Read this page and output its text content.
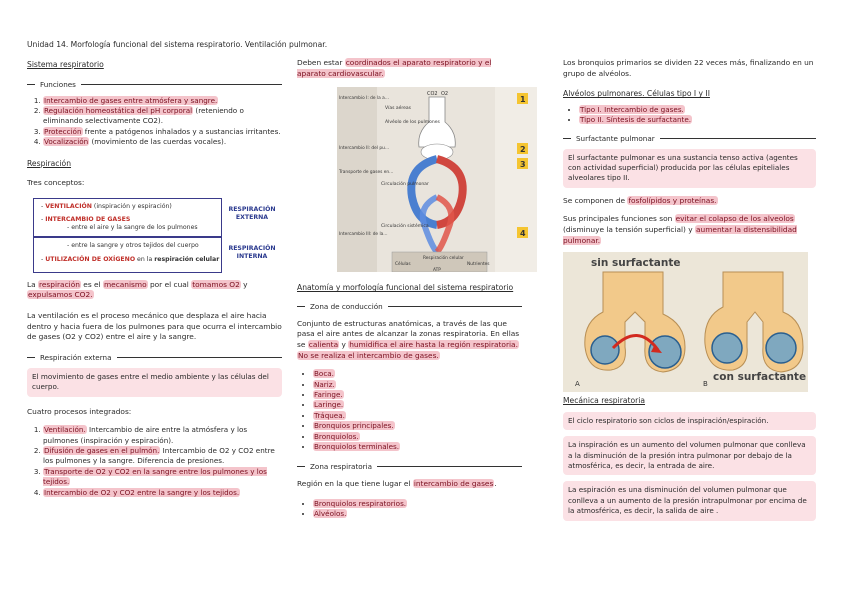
Unidad 14. Morfología funcional del sistema respiratorio. Ventilación pulmonar.

Sistema respiratorio

Funciones
1. Intercambio de gases entre atmósfera y sangre.
2. Regulación homeostática del pH corporal (reteniendo o eliminando selectivamente CO2).
3. Protección frente a patógenos inhalados y a sustancias irritantes.
4. Vocalización (movimiento de las cuerdas vocales).

Respiración

Tres conceptos:

- VENTILACIÓN (inspiración y espiración)
- INTERCAMBIO DE GASES
- entre el aire y la sangre de los pulmones
- entre la sangre y otros tejidos del cuerpo
- UTILIZACIÓN DE OXÍGENO en la respiración celular
RESPIRACIÓN EXTERNA
RESPIRACIÓN INTERNA

La respiración es el mecanismo por el cual tomamos O2 y expulsamos CO2.

La ventilación es el proceso mecánico que desplaza el aire hacia dentro y hacia fuera de los pulmones para que ocurra el intercambio de gases (O2 y CO2) entre el aire y la sangre.

Respiración externa
El movimiento de gases entre el medio ambiente y las células del cuerpo.

Cuatro procesos integrados:

1. Ventilación. Intercambio de aire entre la atmósfera y los pulmones (inspiración y espiración).
2. Difusión de gases en el pulmón. Intercambio de O2 y CO2 entre los pulmones y la sangre. Diferencia de presiones.
3. Transporte de O2 y CO2 en la sangre entre los pulmones y los tejidos.
4. Intercambio de O2 y CO2 entre la sangre y los tejidos.

Deben estar coordinados el aparato respiratorio y el aparato cardiovascular.

CO2 O2
Intercambio I: de la a…
Intercambio II: del pu…
Transporte de gases en…
Intercambio III: de la…
Vías aéreas
Alvéolo de los pulmones
Circulación pulmonar
Circulación sistémica
Respiración celular
Células	Nutrientes
ATP
1
2
3
4

Anatomía y morfología funcional del sistema respiratorio

Zona de conducción

Conjunto de estructuras anatómicas, a través de las que pasa el aire antes de alcanzar la zonas respiratoria. En ellas se calienta y humidifica el aire hasta la región respiratoria. No se realiza el intercambio de gases.

• Boca.
• Nariz.
• Faringe.
• Laringe.
• Tráquea.
• Bronquios principales.
• Bronquiolos.
• Bronquiolos terminales.
Zona respiratoria

Región en la que tiene lugar el intercambio de gases.

• Bronquiolos respiratorios.
• Alvéolos.

Los bronquios primarios se dividen 22 veces más, finalizando en un grupo de alvéolos.

Alvéolos pulmonares. Células tipo I y II

• Tipo I. Intercambio de gases.
• Tipo II. Síntesis de surfactante.
Surfactante pulmonar
El surfactante pulmonar es una sustancia tenso activa (agentes con actividad superficial) producida por las células epiteliales alveolares tipo II.

Se componen de fosfolípidos y proteínas.

Sus principales funciones son evitar el colapso de los alveolos (disminuye la tensión superficial) y aumentar la distensibilidad pulmonar.

sin surfactante
con surfactante
A	B

Mecánica respiratoria

El ciclo respiratorio son ciclos de inspiración/espiración.
La inspiración es un aumento del volumen pulmonar que conlleva a la disminución de la presión intra pulmonar por debajo de la atmosférica, es decir, la entrada de aire.
La espiración es una disminución del volumen pulmonar que conlleva a un aumento de la presión intrapulmonar por encima de la atmosférica, es decir, la salida de aire .
